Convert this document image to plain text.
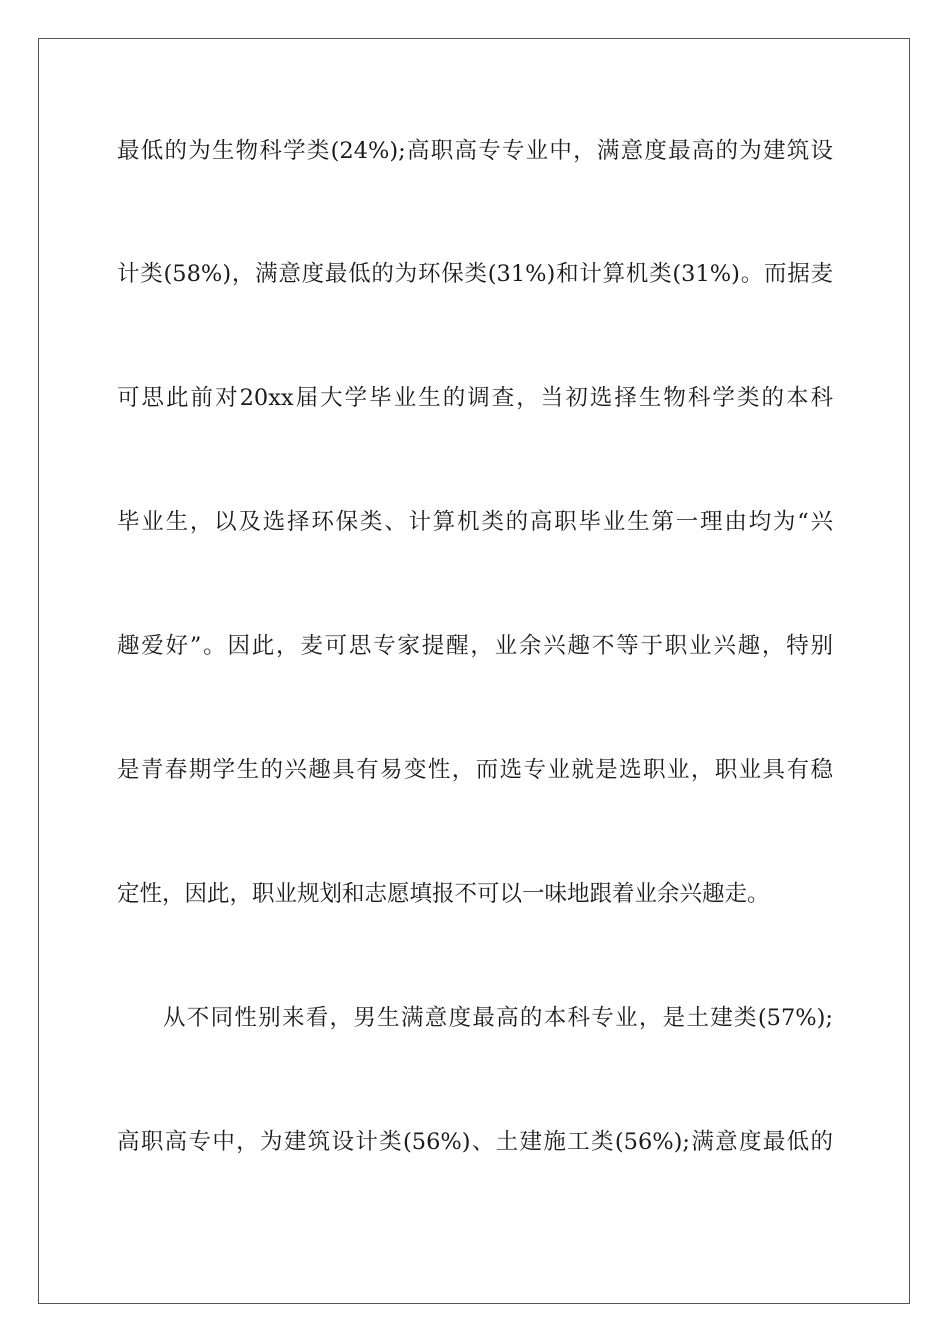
最低的为生物科学类(24%);高职高专专业中，满意度最高的为建筑设
计类(58%)，满意度最低的为环保类(31%)和计算机类(31%)。而据麦
可思此前对20xx届大学毕业生的调查，当初选择生物科学类的本科
毕业生，以及选择环保类、计算机类的高职毕业生第一理由均为“兴
趣爱好”。因此，麦可思专家提醒，业余兴趣不等于职业兴趣，特别
是青春期学生的兴趣具有易变性，而选专业就是选职业，职业具有稳
定性，因此，职业规划和志愿填报不可以一味地跟着业余兴趣走。
从不同性别来看，男生满意度最高的本科专业，是土建类(57%);
高职高专中，为建筑设计类(56%)、土建施工类(56%);满意度最低的
